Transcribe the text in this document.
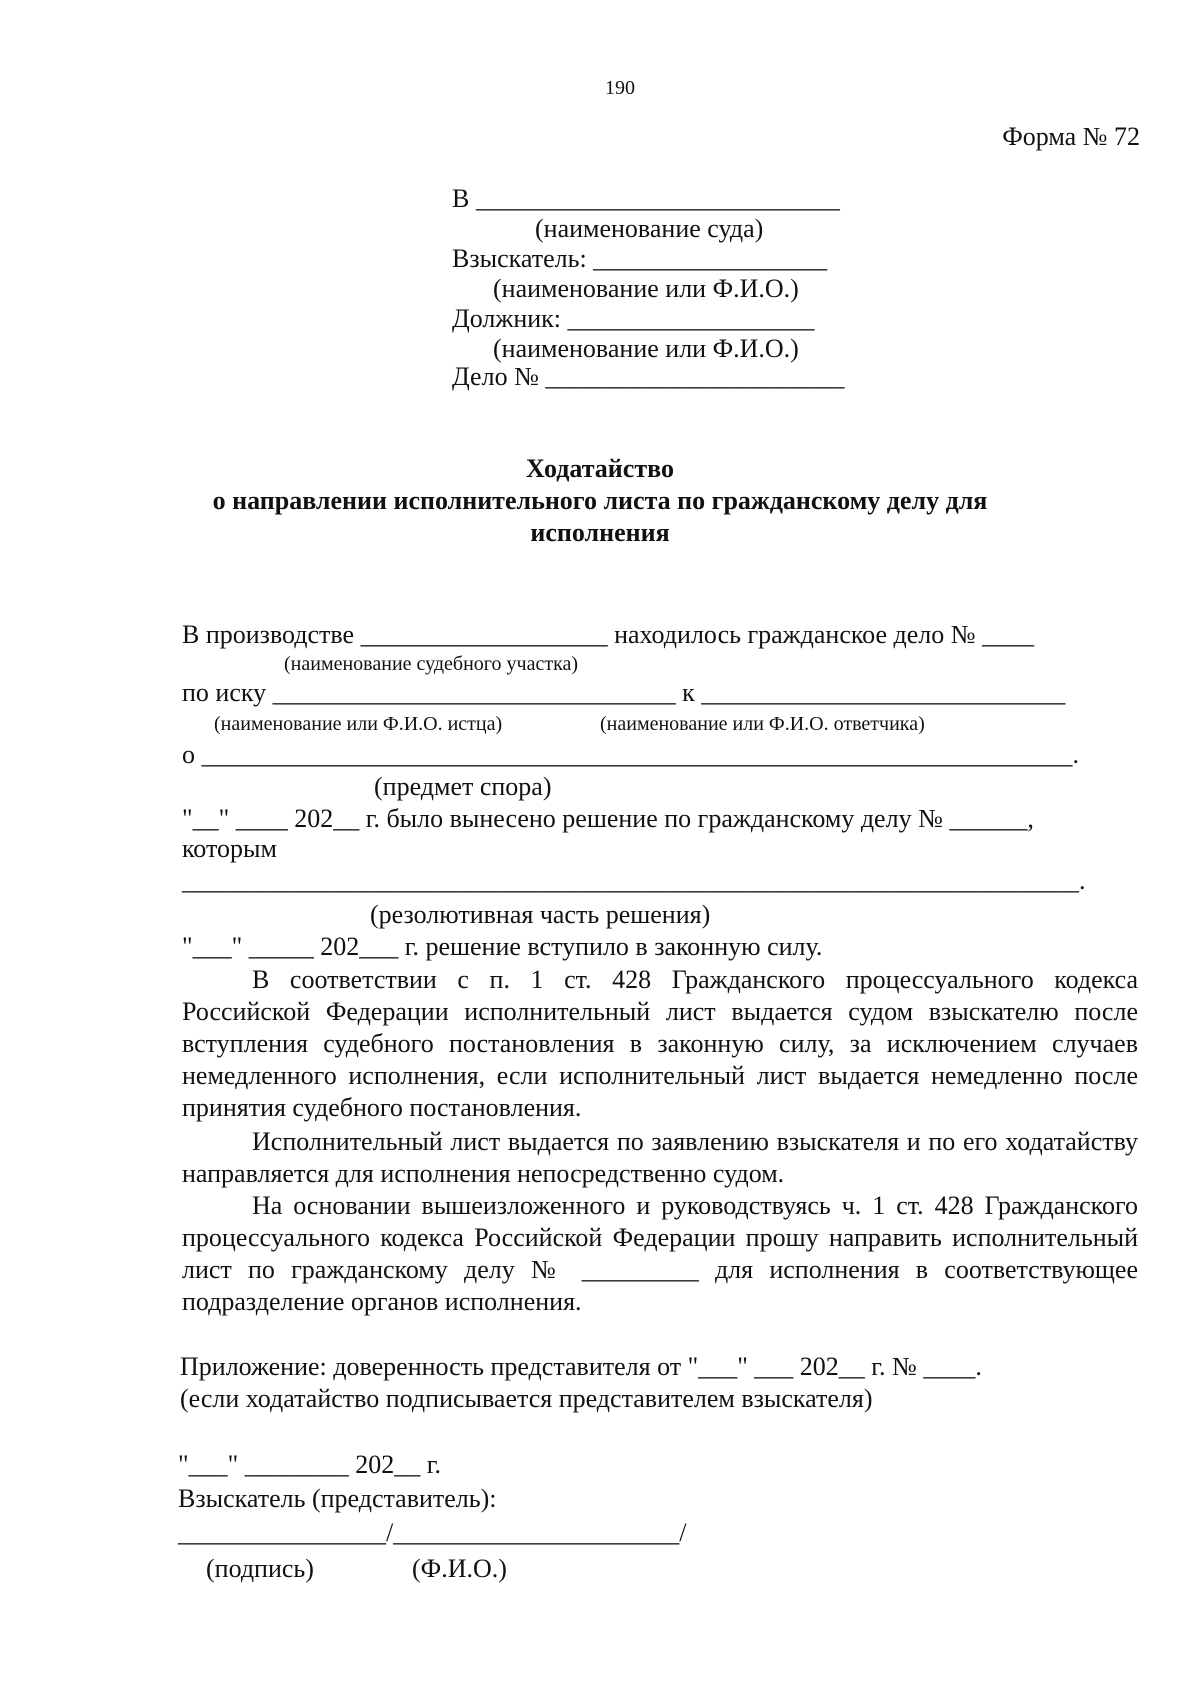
190
Форма № 72
В ____________________________
(наименование суда)
Взыскатель: __________________
(наименование или Ф.И.О.)
Должник: ___________________
(наименование или Ф.И.О.)
Дело № _______________________
Ходатайство
о направлении исполнительного листа по гражданскому делу для
исполнения
В производстве ___________________ находилось гражданское дело № ____
(наименование судебного участка)
по иску _______________________________ к ____________________________
(наименование или Ф.И.О. истца)	(наименование или Ф.И.О. ответчика)
о ___________________________________________________________________.
(предмет спора)
"__" ____ 202__ г. было вынесено решение по гражданскому делу № ______,
которым
_____________________________________________________________________.
(резолютивная часть решения)
"___" _____ 202___ г. решение вступило в законную силу.
В соответствии с п. 1 ст. 428 Гражданского процессуального кодекса Российской Федерации исполнительный лист выдается судом взыскателю после вступления судебного постановления в законную силу, за исключением случаев немедленного исполнения, если исполнительный лист выдается немедленно после принятия судебного постановления.
Исполнительный лист выдается по заявлению взыскателя и по его ходатайству направляется для исполнения непосредственно судом.
На основании вышеизложенного и руководствуясь ч. 1 ст. 428 Гражданского процессуального кодекса Российской Федерации прошу направить исполнительный лист по гражданскому делу № _________ для исполнения в соответствующее подразделение органов исполнения.
Приложение: доверенность представителя от "___" ___ 202__ г. № ____.
(если ходатайство подписывается представителем взыскателя)
"___" ________ 202__ г.
Взыскатель (представитель):
________________/______________________/
(подпись)	(Ф.И.О.)
